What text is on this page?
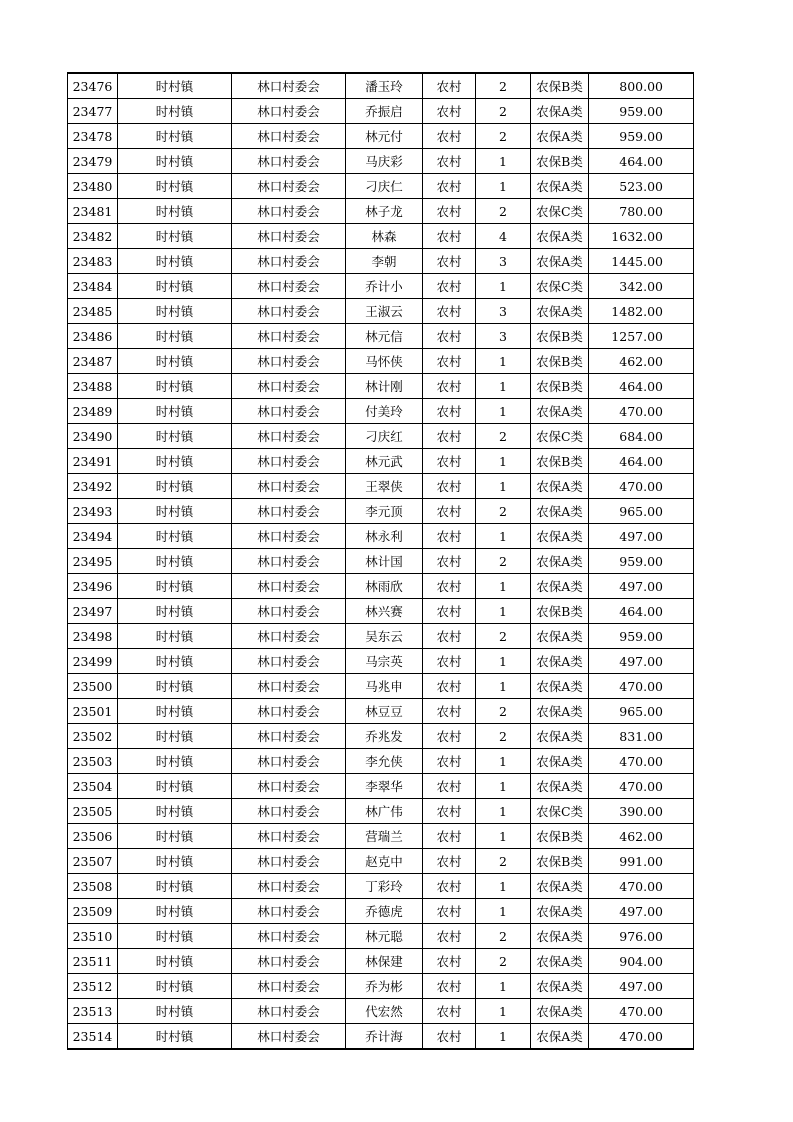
23476	时村镇	林口村委会	潘玉玲	农村	2	农保B类	800.00
23477	时村镇	林口村委会	乔振启	农村	2	农保A类	959.00
23478	时村镇	林口村委会	林元付	农村	2	农保A类	959.00
23479	时村镇	林口村委会	马庆彩	农村	1	农保B类	464.00
23480	时村镇	林口村委会	刁庆仁	农村	1	农保A类	523.00
23481	时村镇	林口村委会	林子龙	农村	2	农保C类	780.00
23482	时村镇	林口村委会	林森	农村	4	农保A类	1632.00
23483	时村镇	林口村委会	李朝	农村	3	农保A类	1445.00
23484	时村镇	林口村委会	乔计小	农村	1	农保C类	342.00
23485	时村镇	林口村委会	王淑云	农村	3	农保A类	1482.00
23486	时村镇	林口村委会	林元信	农村	3	农保B类	1257.00
23487	时村镇	林口村委会	马怀侠	农村	1	农保B类	462.00
23488	时村镇	林口村委会	林计刚	农村	1	农保B类	464.00
23489	时村镇	林口村委会	付美玲	农村	1	农保A类	470.00
23490	时村镇	林口村委会	刁庆红	农村	2	农保C类	684.00
23491	时村镇	林口村委会	林元武	农村	1	农保B类	464.00
23492	时村镇	林口村委会	王翠侠	农村	1	农保A类	470.00
23493	时村镇	林口村委会	李元顶	农村	2	农保A类	965.00
23494	时村镇	林口村委会	林永利	农村	1	农保A类	497.00
23495	时村镇	林口村委会	林计国	农村	2	农保A类	959.00
23496	时村镇	林口村委会	林雨欣	农村	1	农保A类	497.00
23497	时村镇	林口村委会	林兴赛	农村	1	农保B类	464.00
23498	时村镇	林口村委会	吴东云	农村	2	农保A类	959.00
23499	时村镇	林口村委会	马宗英	农村	1	农保A类	497.00
23500	时村镇	林口村委会	马兆申	农村	1	农保A类	470.00
23501	时村镇	林口村委会	林豆豆	农村	2	农保A类	965.00
23502	时村镇	林口村委会	乔兆发	农村	2	农保A类	831.00
23503	时村镇	林口村委会	李允侠	农村	1	农保A类	470.00
23504	时村镇	林口村委会	李翠华	农村	1	农保A类	470.00
23505	时村镇	林口村委会	林广伟	农村	1	农保C类	390.00
23506	时村镇	林口村委会	营瑞兰	农村	1	农保B类	462.00
23507	时村镇	林口村委会	赵克中	农村	2	农保B类	991.00
23508	时村镇	林口村委会	丁彩玲	农村	1	农保A类	470.00
23509	时村镇	林口村委会	乔德虎	农村	1	农保A类	497.00
23510	时村镇	林口村委会	林元聪	农村	2	农保A类	976.00
23511	时村镇	林口村委会	林保建	农村	2	农保A类	904.00
23512	时村镇	林口村委会	乔为彬	农村	1	农保A类	497.00
23513	时村镇	林口村委会	代宏然	农村	1	农保A类	470.00
23514	时村镇	林口村委会	乔计海	农村	1	农保A类	470.00
